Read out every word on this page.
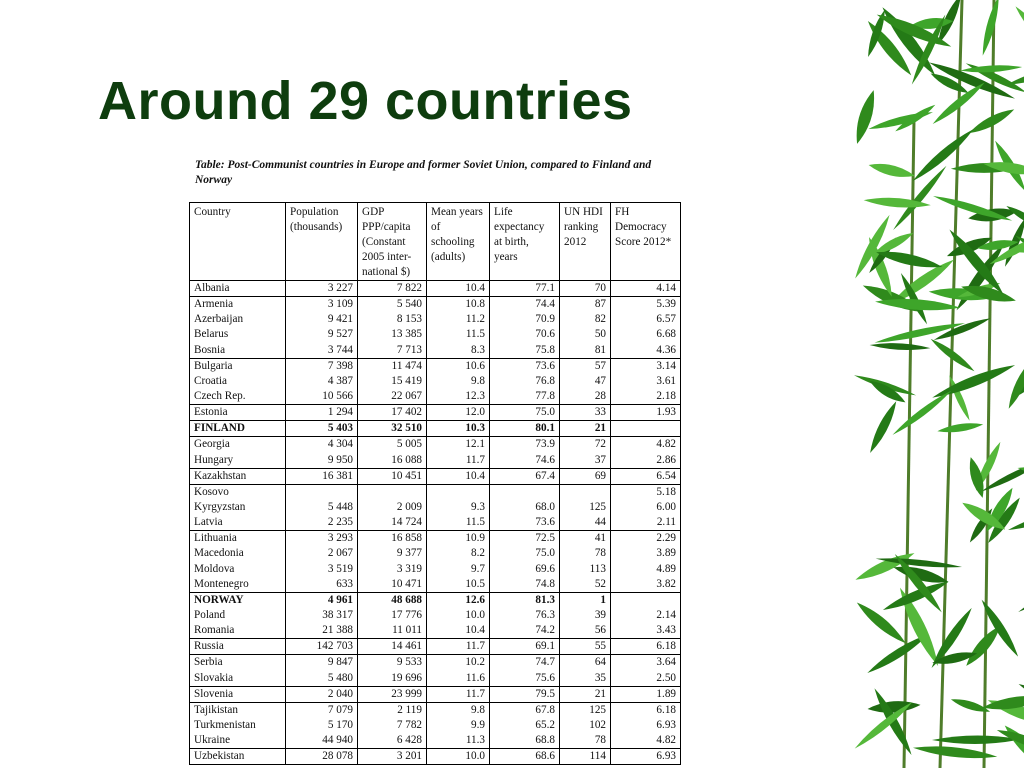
Around 29 countries
Table: Post-Communist countries in Europe and former Soviet Union, compared to Finland and Norway
Country	Population (thousands)	GDP PPP/capita (Constant 2005 inter-national $)	Mean years of schooling (adults)	Life expectancy at birth, years	UN HDI ranking 2012	FH Democracy Score 2012*
Albania	3 227	7 822	10.4	77.1	70	4.14
Armenia	3 109	5 540	10.8	74.4	87	5.39
Azerbaijan	9 421	8 153	11.2	70.9	82	6.57
Belarus	9 527	13 385	11.5	70.6	50	6.68
Bosnia	3 744	7 713	8.3	75.8	81	4.36
Bulgaria	7 398	11 474	10.6	73.6	57	3.14
Croatia	4 387	15 419	9.8	76.8	47	3.61
Czech Rep.	10 566	22 067	12.3	77.8	28	2.18
Estonia	1 294	17 402	12.0	75.0	33	1.93
FINLAND	5 403	32 510	10.3	80.1	21	
Georgia	4 304	5 005	12.1	73.9	72	4.82
Hungary	9 950	16 088	11.7	74.6	37	2.86
Kazakhstan	16 381	10 451	10.4	67.4	69	6.54
Kosovo						5.18
Kyrgyzstan	5 448	2 009	9.3	68.0	125	6.00
Latvia	2 235	14 724	11.5	73.6	44	2.11
Lithuania	3 293	16 858	10.9	72.5	41	2.29
Macedonia	2 067	9 377	8.2	75.0	78	3.89
Moldova	3 519	3 319	9.7	69.6	113	4.89
Montenegro	633	10 471	10.5	74.8	52	3.82
NORWAY	4 961	48 688	12.6	81.3	1	
Poland	38 317	17 776	10.0	76.3	39	2.14
Romania	21 388	11 011	10.4	74.2	56	3.43
Russia	142 703	14 461	11.7	69.1	55	6.18
Serbia	9 847	9 533	10.2	74.7	64	3.64
Slovakia	5 480	19 696	11.6	75.6	35	2.50
Slovenia	2 040	23 999	11.7	79.5	21	1.89
Tajikistan	7 079	2 119	9.8	67.8	125	6.18
Turkmenistan	5 170	7 782	9.9	65.2	102	6.93
Ukraine	44 940	6 428	11.3	68.8	78	4.82
Uzbekistan	28 078	3 201	10.0	68.6	114	6.93
